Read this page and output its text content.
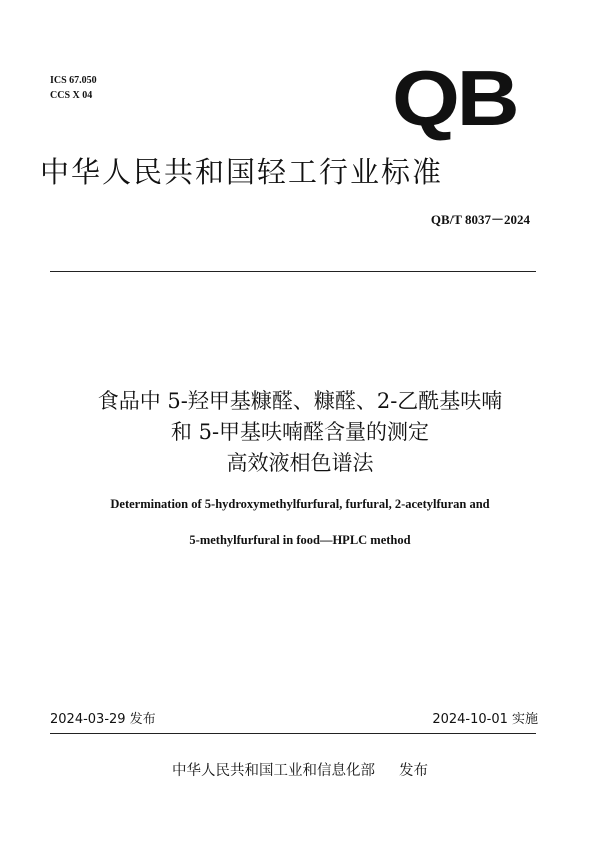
ICS 67.050
CCS X 04	QB
中华人民共和国轻工行业标准
QB/T 8037－2024
食品中 5-羟甲基糠醛、糠醛、2-乙酰基呋喃
和 5-甲基呋喃醛含量的测定
高效液相色谱法
Determination of 5-hydroxymethylfurfural, furfural, 2-acetylfuran and
5-methylfurfural in food—HPLC method
2024-03-29 发布	2024-10-01 实施
中华人民共和国工业和信息化部 发布
